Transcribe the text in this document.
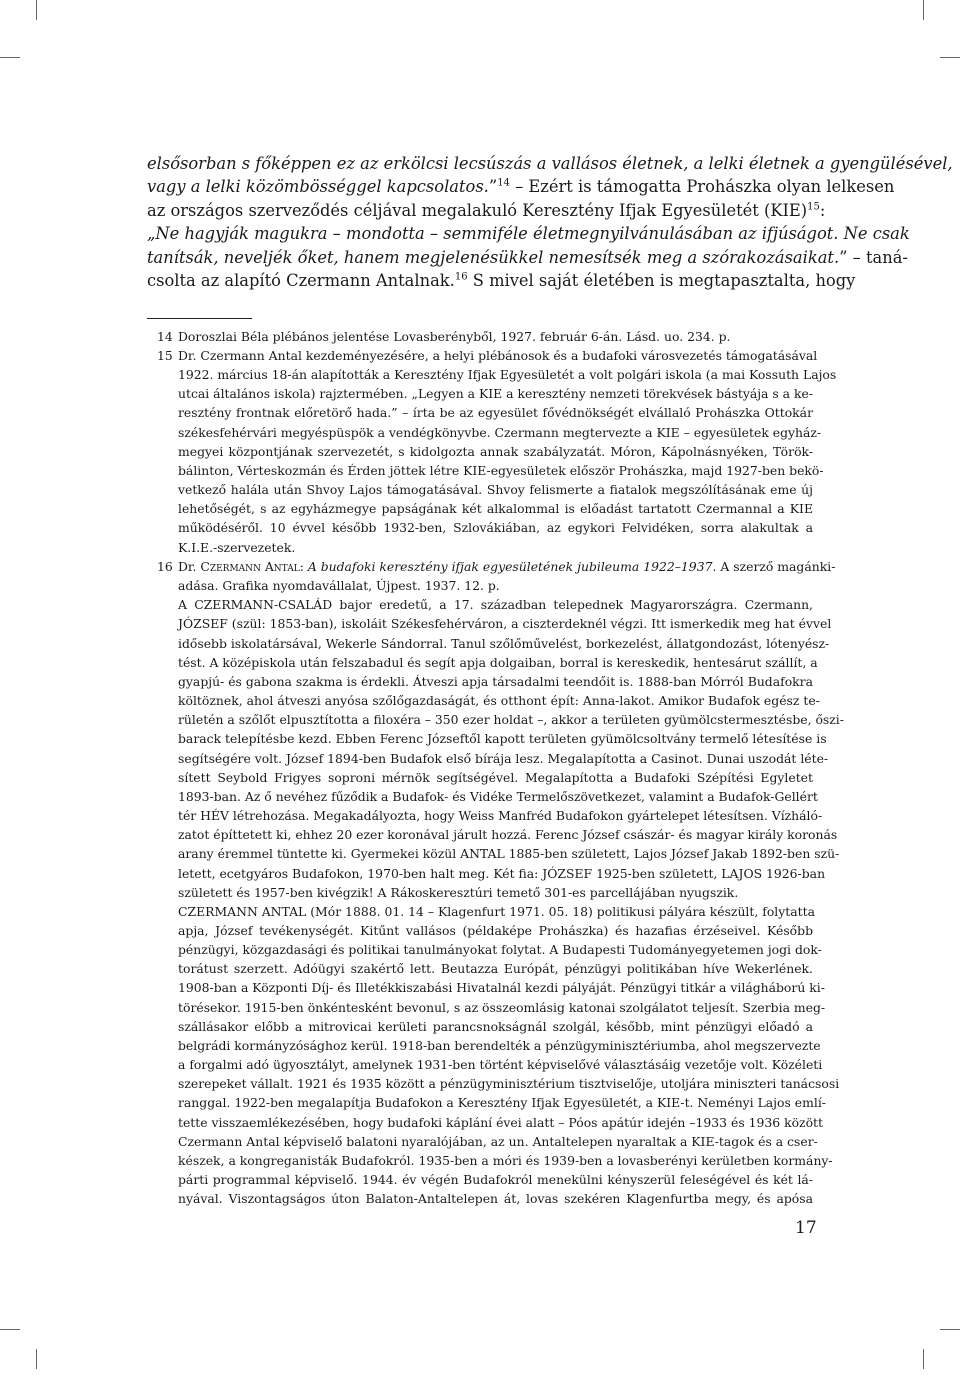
elsősorban s főképpen ez az erkölcsi lecsúszás a vallásos életnek, a lelki életnek a gyengülésével,
vagy a lelki közömbösséggel kapcsolatos.”$^{14}$ – Ezért is támogatta Prohászka olyan lelkesen
az országos szerveződés céljával megalakuló Keresztény Ifjak Egyesületét (KIE)$^{15}$:
„Ne hagyják magukra – mondotta – semmiféle életmegnyilvánulásában az ifjúságot. Ne csak
tanítsák, neveljék őket, hanem megjelenésükkel nemesítsék meg a szórakozásaikat.” – taná-
csolta az alapító Czermann Antalnak.$^{16}$ S mivel saját életében is megtapasztalta, hogy
14 Doroszlai Béla plébános jelentése Lovasberényből, 1927. február 6-án. Lásd. uo. 234. p.
15 Dr. Czermann Antal kezdeményezésére, a helyi plébánosok és a budafoki városvezetés támogatásával
1922. március 18-án alapították a Keresztény Ifjak Egyesületét a volt polgári iskola (a mai Kossuth Lajos
utcai általános iskola) rajztermében. „Legyen a KIE a keresztény nemzeti törekvések bástyája s a ke-
resztény frontnak előretörő hada.” – írta be az egyesület fővédnökségét elvállaló Prohászka Ottokár
székesfehérvári megyéspüspök a vendégkönyvbe. Czermann megtervezte a KIE – egyesületek egyház-
megyei központjának szervezetét, s kidolgozta annak szabályzatát. Móron, Kápolnásnyéken, Török-
bálinton, Vérteskozmán és Érden jöttek létre KIE-egyesületek először Prohászka, majd 1927-ben bekö-
vetkező halála után Shvoy Lajos támogatásával. Shvoy felismerte a fiatalok megszólításának eme új
lehetőségét, s az egyházmegye papságának két alkalommal is előadást tartatott Czermannal a KIE
működéséről. 10 évvel később 1932-ben, Szlovákiában, az egykori Felvidéken, sorra alakultak a
K.I.E.-szervezetek.
16 Dr. Czermann Antal: A budafoki keresztény ifjak egyesületének jubileuma 1922–1937. A szerző magánki-
adása. Grafika nyomdavállalat, Újpest. 1937. 12. p.
A CZERMANN-CSALÁD bajor eredetű, a 17. században telepednek Magyarországra. Czermann,
JÓZSEF (szül: 1853-ban), iskoláit Székesfehérváron, a ciszterdeknél végzi. Itt ismerkedik meg hat évvel
idősebb iskolatársával, Wekerle Sándorral. Tanul szőlőművelést, borkezelést, állatgondozást, lótenyész-
tést. A középiskola után felszabadul és segít apja dolgaiban, borral is kereskedik, hentesárut szállít, a
gyapjú- és gabona szakma is érdekli. Átveszi apja társadalmi teendőit is. 1888-ban Mórról Budafokra
költöznek, ahol átveszi anyósa szőlőgazdaságát, és otthont épít: Anna-lakot. Amikor Budafok egész te-
rületén a szőlőt elpusztította a filoxéra – 350 ezer holdat –, akkor a területen gyümölcstermesztésbe, őszi-
barack telepítésbe kezd. Ebben Ferenc Józseftől kapott területen gyümölcsoltvány termelő létesítése is
segítségére volt. József 1894-ben Budafok első bírája lesz. Megalapította a Casinot. Dunai uszodát léte-
sített Seybold Frigyes soproni mérnök segítségével. Megalapította a Budafoki Szépítési Egyletet
1893-ban. Az ő nevéhez fűződik a Budafok- és Vidéke Termelőszövetkezet, valamint a Budafok-Gellért
tér HÉV létrehozása. Megakadályozta, hogy Weiss Manfréd Budafokon gyártelepet létesítsen. Vízháló-
zatot építtetett ki, ehhez 20 ezer koronával járult hozzá. Ferenc József császár- és magyar király koronás
arany éremmel tüntette ki. Gyermekei közül ANTAL 1885-ben született, Lajos József Jakab 1892-ben szü-
letett, ecetgyáros Budafokon, 1970-ben halt meg. Két fia: JÓZSEF 1925-ben született, LAJOS 1926-ban
született és 1957-ben kivégzik! A Rákoskeresztúri temető 301-es parcellájában nyugszik.
CZERMANN ANTAL (Mór 1888. 01. 14 – Klagenfurt 1971. 05. 18) politikusi pályára készült, folytatta
apja, József tevékenységét. Kitűnt vallásos (példaképe Prohászka) és hazafias érzéseivel. Később
pénzügyi, közgazdasági és politikai tanulmányokat folytat. A Budapesti Tudományegyetemen jogi dok-
torátust szerzett. Adóügyi szakértő lett. Beutazza Európát, pénzügyi politikában híve Wekerlének.
1908-ban a Központi Díj- és Illetékkiszabási Hivatalnál kezdi pályáját. Pénzügyi titkár a világháború ki-
törésekor. 1915-ben önkéntesként bevonul, s az összeomlásig katonai szolgálatot teljesít. Szerbia meg-
szállásakor előbb a mitrovicai kerületi parancsnokságnál szolgál, később, mint pénzügyi előadó a
belgrádi kormányzósághoz kerül. 1918-ban berendelték a pénzügyminisztériumba, ahol megszervezte
a forgalmi adó ügyosztályt, amelynek 1931-ben történt képviselővé választásáig vezetője volt. Közéleti
szerepeket vállalt. 1921 és 1935 között a pénzügyminisztérium tisztviselője, utoljára miniszteri tanácsosi
ranggal. 1922-ben megalapítja Budafokon a Keresztény Ifjak Egyesületét, a KIE-t. Neményi Lajos emlí-
tette visszaemlékezésében, hogy budafoki káplání évei alatt – Póos apátúr idején –1933 és 1936 között
Czermann Antal képviselő balatoni nyaralójában, az un. Antaltelepen nyaraltak a KIE-tagok és a cser-
készek, a kongreganisták Budafokról. 1935-ben a móri és 1939-ben a lovasberényi kerületben kormány-
párti programmal képviselő. 1944. év végén Budafokról menekülni kényszerül feleségével és két lá-
nyával. Viszontagságos úton Balaton-Antaltelepen át, lovas szekéren Klagenfurtba megy, és apósa
17
